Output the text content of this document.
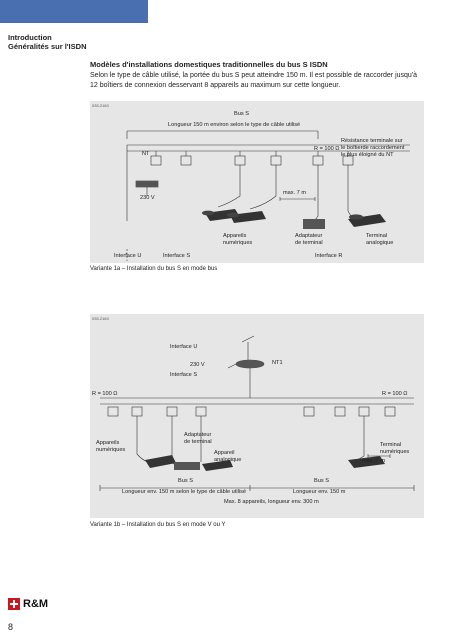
Introduction
Généralités sur l'ISDN
Modèles d'installations domestiques traditionnelles du bus S ISDN
Selon le type de câble utilisé, la portée du bus S peut atteindre 150 m. Il est possible de raccorder jusqu'à 12 boîtiers de connexion desservant 8 appareils au maximum sur cette longueur.
035.2163
Bus S
Longueur 150 m environ selon le type de câble utilisé
NT
R = 100 Ω
Résistance terminale sur
le boîtierde raccordement
le plus éloigné du NT
230 V
max. 7 m
Appareils
numériques
Adaptateur
de terminal
Terminal
analogique
Interface U	Interface S	Interface R
Variante 1a – Installation du bus S en mode bus
035.2163
Interface U
230 V
Interface S
NT1
R = 100 Ω	R = 100 Ω
Appareils
numériques
Adaptateur
de terminal
Appareil
analogique	max. 7 m
Terminal
numériques
Bus S	Bus S
Longueur env. 150 m selon le type de câble utilisé	Longueur env. 150 m
Max. 8 appareils, longueur env. 300 m
Variante 1b – Installation du bus S en mode V ou Y
R&M
8
